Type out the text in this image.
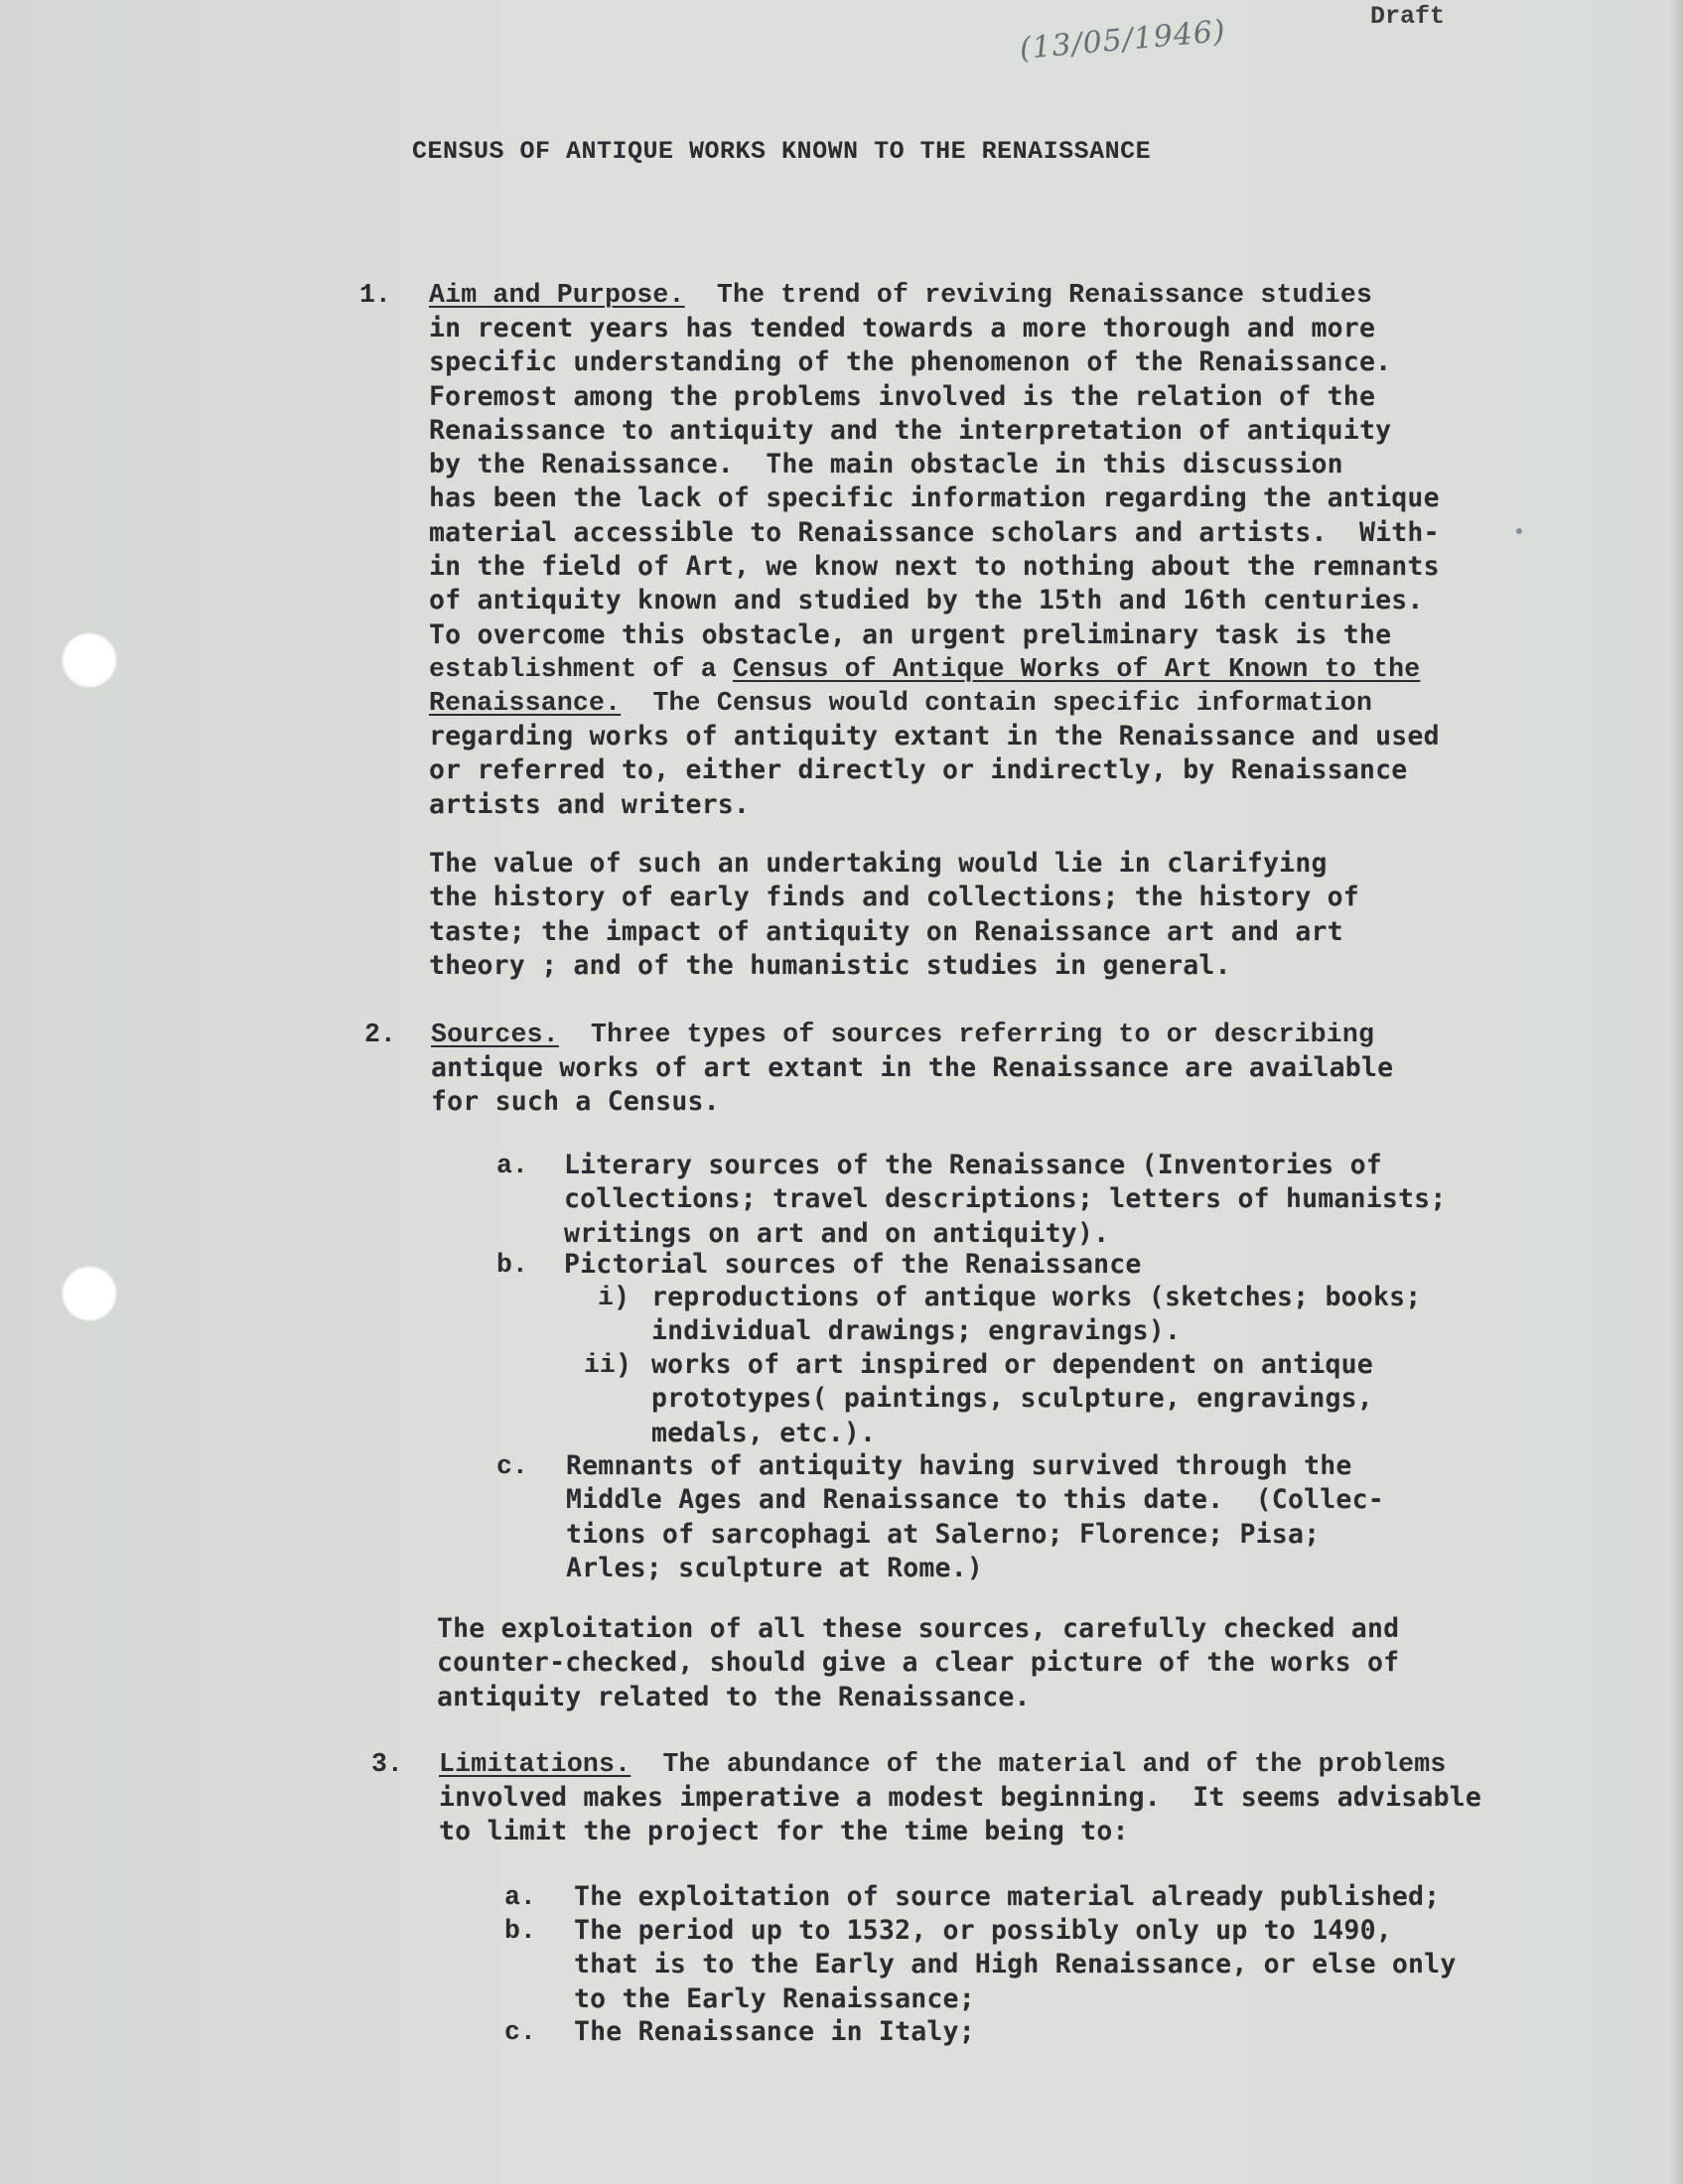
(13/05/1946)	Draft
CENSUS OF ANTIQUE WORKS KNOWN TO THE RENAISSANCE
1. Aim and Purpose.  The trend of reviving Renaissance studies
in recent years has tended towards a more thorough and more
specific understanding of the phenomenon of the Renaissance.
Foremost among the problems involved is the relation of the
Renaissance to antiquity and the interpretation of antiquity
by the Renaissance.  The main obstacle in this discussion
has been the lack of specific information regarding the antique
material accessible to Renaissance scholars and artists.  With-
in the field of Art, we know next to nothing about the remnants
of antiquity known and studied by the 15th and 16th centuries.
To overcome this obstacle, an urgent preliminary task is the
establishment of a Census of Antique Works of Art Known to the
Renaissance.  The Census would contain specific information
regarding works of antiquity extant in the Renaissance and used
or referred to, either directly or indirectly, by Renaissance
artists and writers.
The value of such an undertaking would lie in clarifying
the history of early finds and collections; the history of
taste; the impact of antiquity on Renaissance art and art
theory ; and of the humanistic studies in general.
2. Sources.  Three types of sources referring to or describing
antique works of art extant in the Renaissance are available
for such a Census.
a. Literary sources of the Renaissance (Inventories of
collections; travel descriptions; letters of humanists;
writings on art and on antiquity).
b. Pictorial sources of the Renaissance
i) reproductions of antique works (sketches; books;
individual drawings; engravings).
ii) works of art inspired or dependent on antique
prototypes( paintings, sculpture, engravings,
medals, etc.).
c. Remnants of antiquity having survived through the
Middle Ages and Renaissance to this date.  (Collec-
tions of sarcophagi at Salerno; Florence; Pisa;
Arles; sculpture at Rome.)
The exploitation of all these sources, carefully checked and
counter-checked, should give a clear picture of the works of
antiquity related to the Renaissance.
3. Limitations.  The abundance of the material and of the problems
involved makes imperative a modest beginning.  It seems advisable
to limit the project for the time being to:
a. The exploitation of source material already published;
b. The period up to 1532, or possibly only up to 1490,
that is to the Early and High Renaissance, or else only
to the Early Renaissance;
c. The Renaissance in Italy;
